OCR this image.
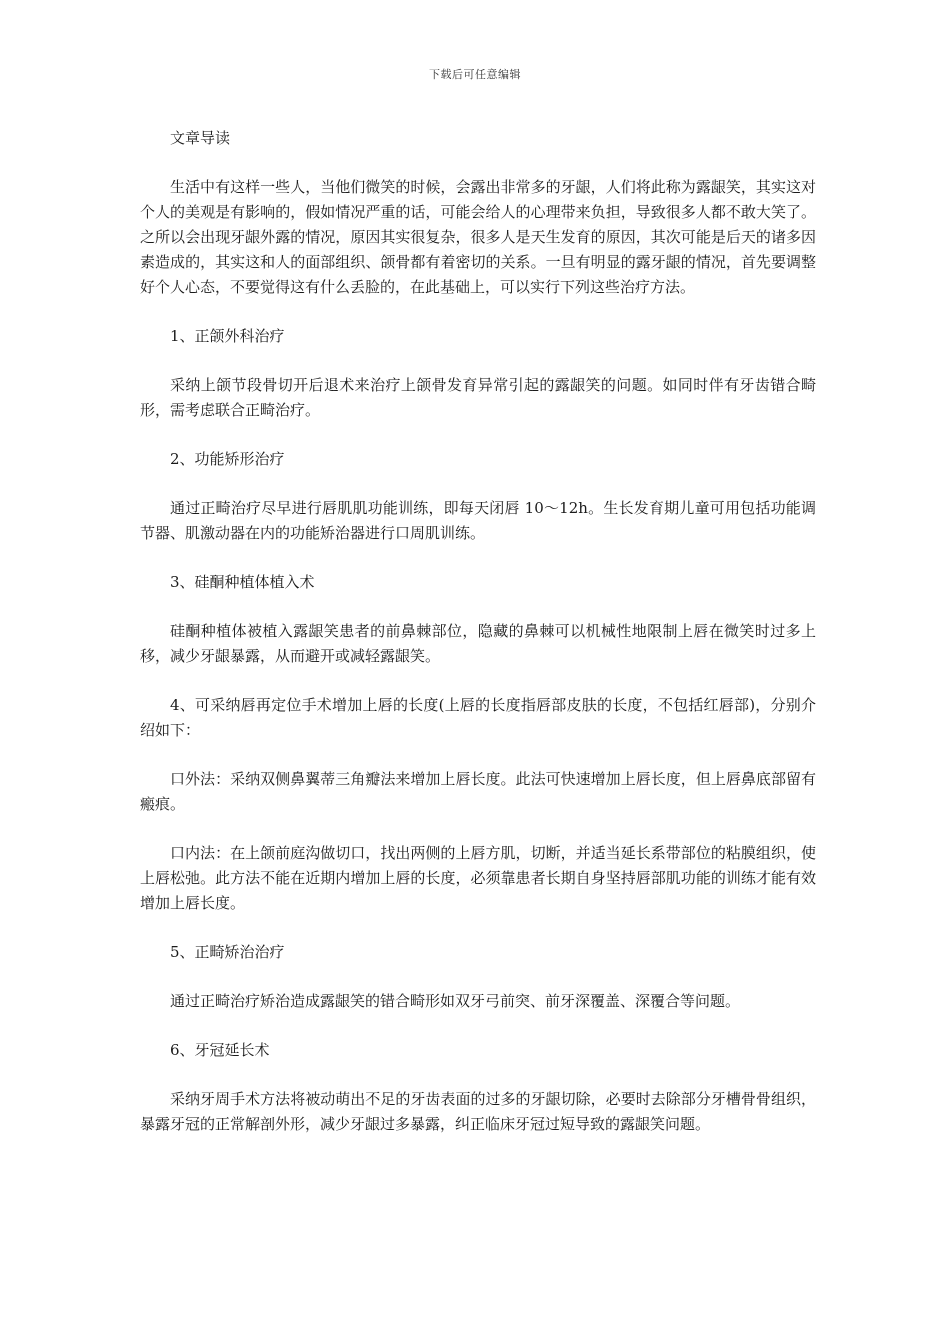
下载后可任意编辑

文章导读

生活中有这样一些人，当他们微笑的时候，会露出非常多的牙龈，人们将此称为露龈笑，其实这对个人的美观是有影响的，假如情况严重的话，可能会给人的心理带来负担，导致很多人都不敢大笑了。之所以会出现牙龈外露的情况，原因其实很复杂，很多人是天生发育的原因，其次可能是后天的诸多因素造成的，其实这和人的面部组织、颌骨都有着密切的关系。一旦有明显的露牙龈的情况，首先要调整好个人心态，不要觉得这有什么丢脸的，在此基础上，可以实行下列这些治疗方法。

1、正颌外科治疗

采纳上颌节段骨切开后退术来治疗上颌骨发育异常引起的露龈笑的问题。如同时伴有牙齿错合畸形，需考虑联合正畸治疗。

2、功能矫形治疗

通过正畸治疗尽早进行唇肌肌功能训练，即每天闭唇 10～12h。生长发育期儿童可用包括功能调节器、肌激动器在内的功能矫治器进行口周肌训练。

3、硅酮种植体植入术

硅酮种植体被植入露龈笑患者的前鼻棘部位，隐藏的鼻棘可以机械性地限制上唇在微笑时过多上移，减少牙龈暴露，从而避开或减轻露龈笑。

4、可采纳唇再定位手术增加上唇的长度(上唇的长度指唇部皮肤的长度，不包括红唇部)，分别介绍如下：

口外法：采纳双侧鼻翼蒂三角瓣法来增加上唇长度。此法可快速增加上唇长度，但上唇鼻底部留有瘢痕。

口内法：在上颌前庭沟做切口，找出两侧的上唇方肌，切断，并适当延长系带部位的粘膜组织，使上唇松弛。此方法不能在近期内增加上唇的长度，必须靠患者长期自身坚持唇部肌功能的训练才能有效增加上唇长度。

5、正畸矫治治疗

通过正畸治疗矫治造成露龈笑的错合畸形如双牙弓前突、前牙深覆盖、深覆合等问题。

6、牙冠延长术

采纳牙周手术方法将被动萌出不足的牙齿表面的过多的牙龈切除，必要时去除部分牙槽骨骨组织，暴露牙冠的正常解剖外形，减少牙龈过多暴露，纠正临床牙冠过短导致的露龈笑问题。
